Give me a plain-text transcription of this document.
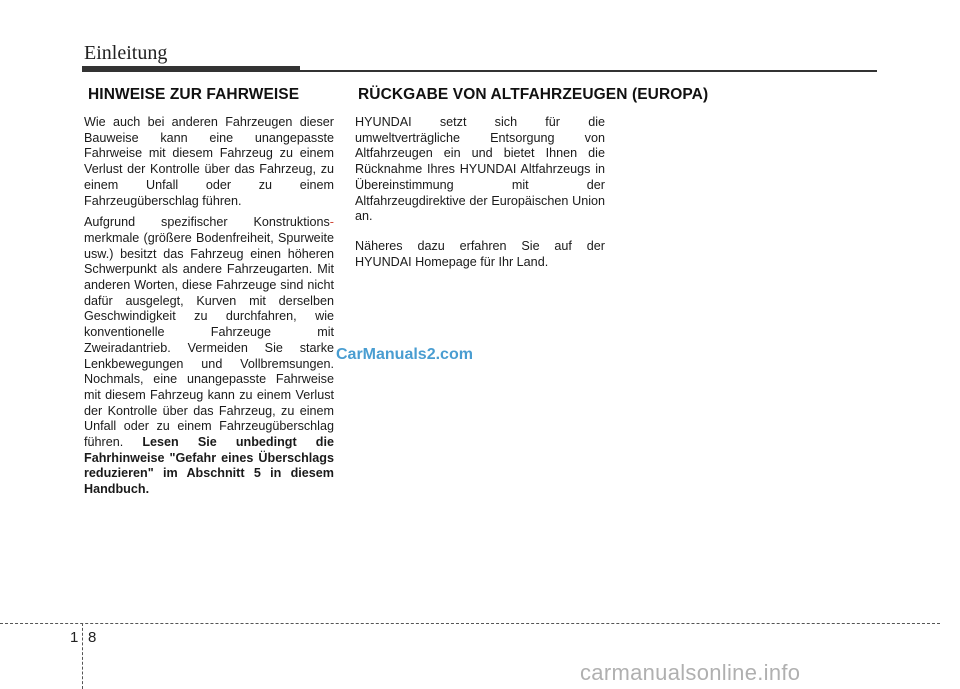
Einleitung
HINWEISE ZUR FAHRWEISE	RÜCKGABE VON ALTFAHRZEUGEN (EUROPA)

Wie auch bei anderen Fahrzeugen dieser Bauweise kann eine unangepasste Fahrweise mit diesem Fahrzeug zu einem Verlust der Kontrolle über das Fahrzeug, zu einem Unfall oder zu einem Fahrzeugüberschlag führen.

Aufgrund spezifischer Konstruktions- merkmale (größere Bodenfreiheit, Spurweite usw.) besitzt das Fahrzeug einen höheren Schwerpunkt als andere Fahrzeugarten. Mit anderen Worten, diese Fahrzeuge sind nicht dafür ausgelegt, Kurven mit derselben Geschwindigkeit zu durchfahren, wie konventionelle Fahrzeuge mit Zweiradantrieb. Vermeiden Sie starke Lenkbewegungen und Vollbremsungen. Nochmals, eine unangepasste Fahrweise mit diesem Fahrzeug kann zu einem Verlust der Kontrolle über das Fahrzeug, zu einem Unfall oder zu einem Fahrzeugüberschlag führen. Lesen Sie unbedingt die Fahrhinweise "Gefahr eines Überschlags reduzieren" im Abschnitt 5 in diesem Handbuch.

HYUNDAI setzt sich für die umweltverträgliche Entsorgung von Altfahrzeugen ein und bietet Ihnen die Rücknahme Ihres HYUNDAI Altfahrzeugs in Übereinstimmung mit der Altfahrzeugdirektive der Europäischen Union an.

Näheres dazu erfahren Sie auf der HYUNDAI Homepage für Ihr Land.

CarManuals2.com
1 8
carmanualsonline.info
